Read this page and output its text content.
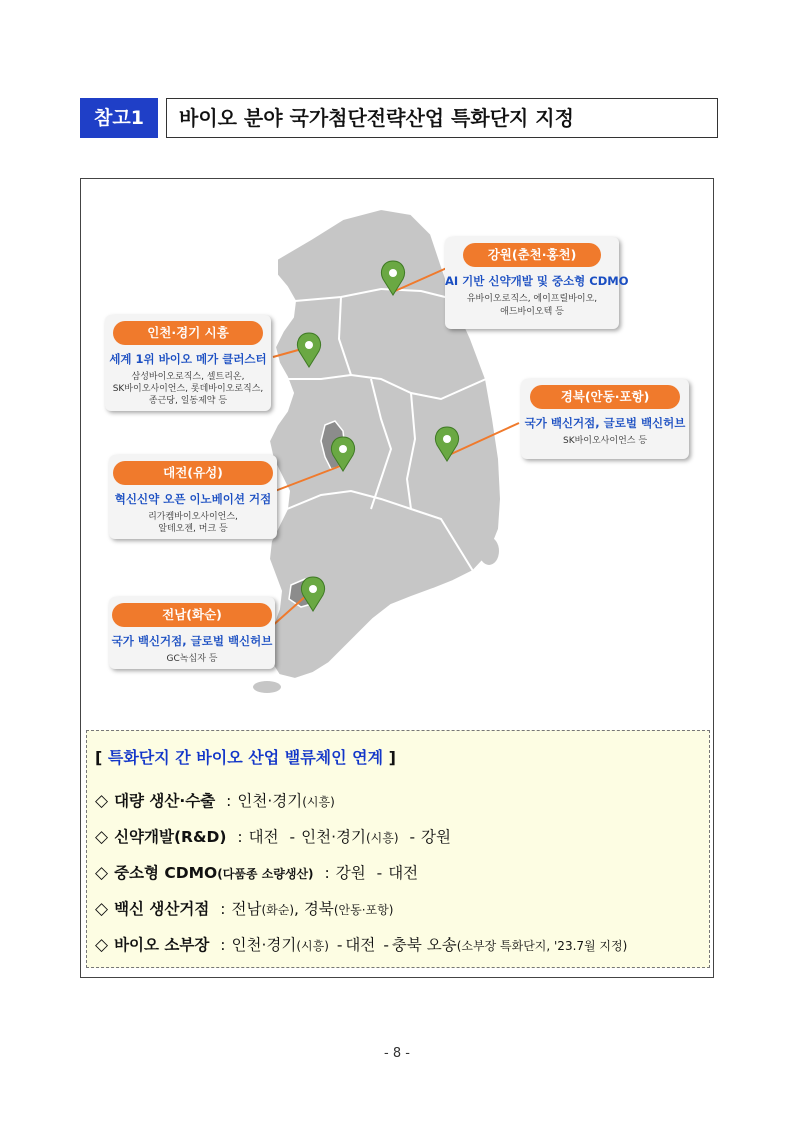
참고1	바이오 분야 국가첨단전략산업 특화단지 지정
강원(춘천·홍천)
AI 기반 신약개발 및 중소형 CDMO
유바이오로직스, 에이프릴바이오,
애드바이오텍 등
인천·경기 시흥
세계 1위 바이오 메가 클러스터
삼성바이오로직스, 셀트리온,
SK바이오사이언스, 롯데바이오로직스,
종근당, 일동제약 등	경북(안동·포항)
국가 백신거점, 글로벌 백신허브
SK바이오사이언스 등
대전(유성)
혁신신약 오픈 이노베이션 거점
리가켐바이오사이언스,
알테오젠, 머크 등
전남(화순)
국가 백신거점, 글로벌 백신허브
GC녹십자 등
[ 특화단지 간 바이오 산업 밸류체인 연계 ]
◇ 대량 생산·수출 : 인천·경기(시흥)
◇ 신약개발(R&D) : 대전 - 인천·경기(시흥) - 강원
◇ 중소형 CDMO(다품종 소량생산) : 강원 - 대전
◇ 백신 생산거점 : 전남(화순), 경북(안동·포항)
◇ 바이오 소부장 : 인천·경기(시흥) - 대전 - 충북 오송(소부장 특화단지, '23.7월 지정)
- 8 -
